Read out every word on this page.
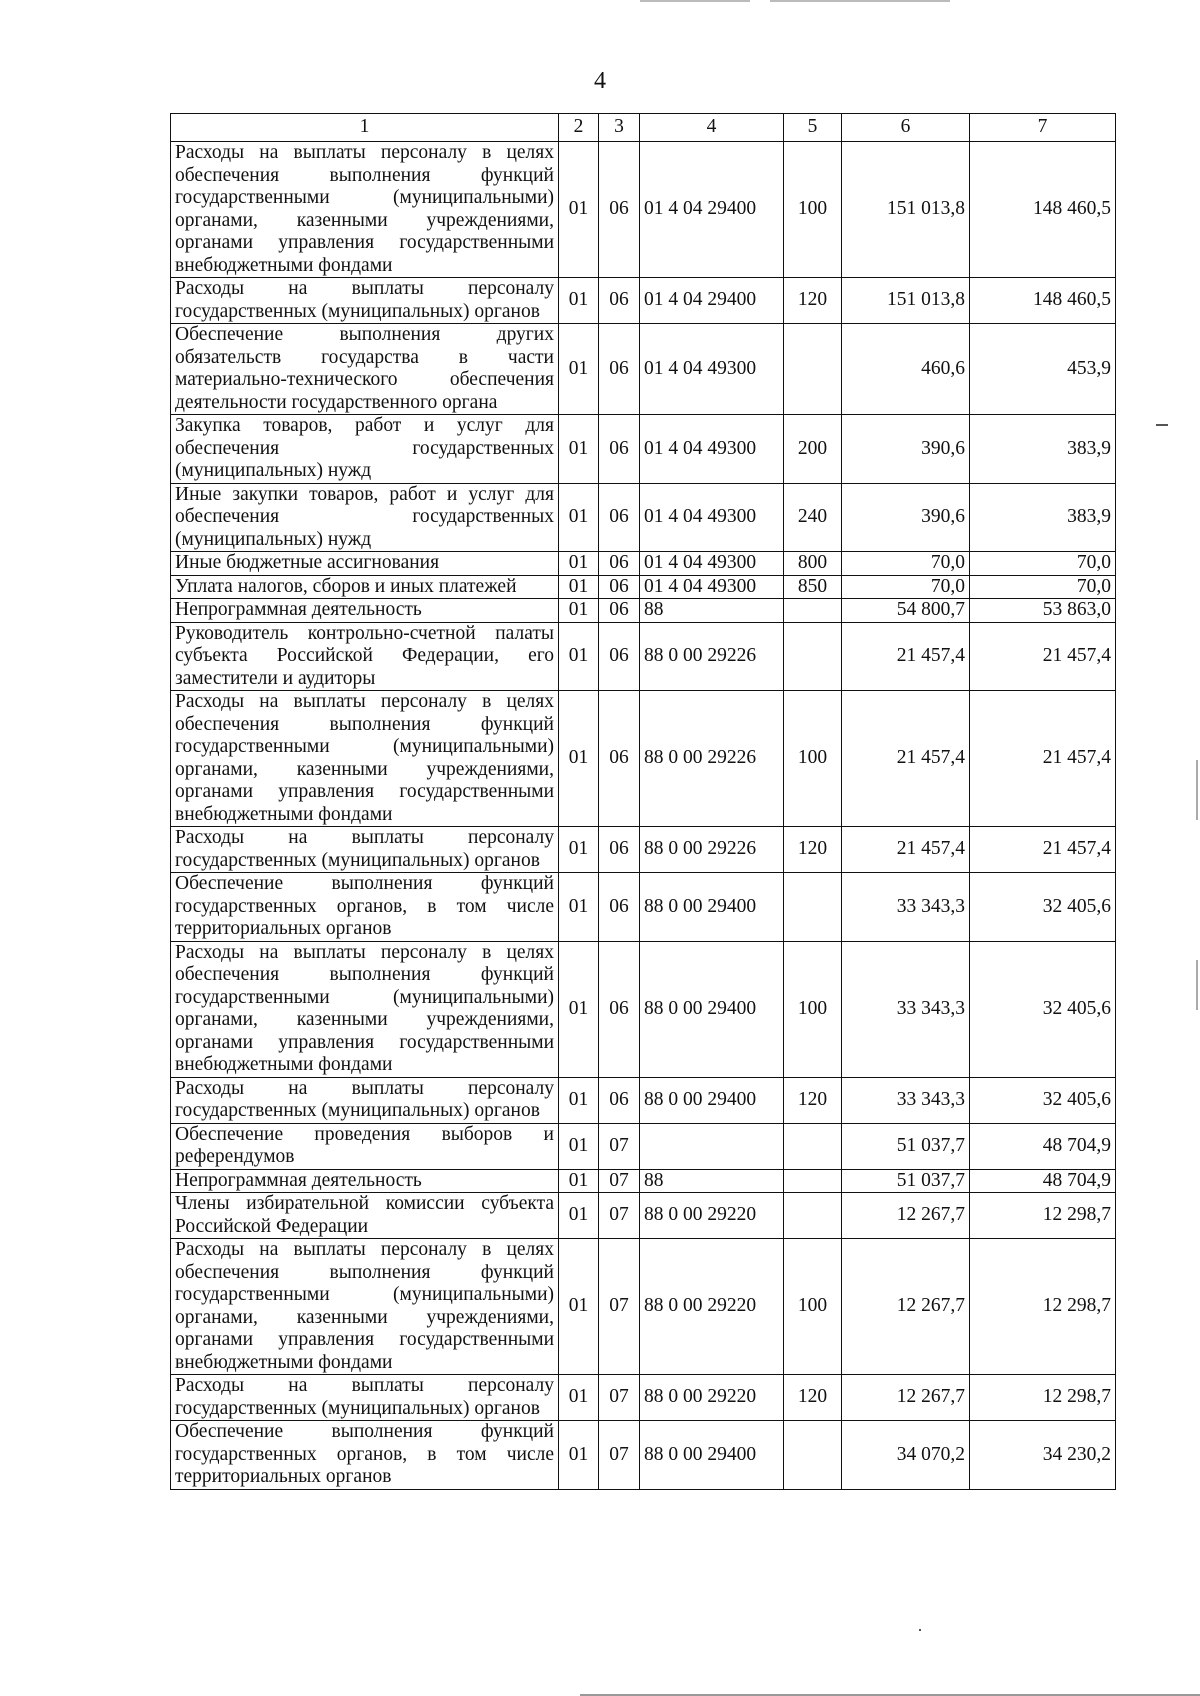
4
1	2	3	4	5	6	7
Расходы на выплаты персоналу в целях обеспечения выполнения функций государственными (муниципальными) органами, казенными учреждениями, органами управления государственными внебюджетными фондами	01	06	01 4 04 29400	100	151 013,8	148 460,5
Расходы на выплаты персоналу государственных (муниципальных) органов	01	06	01 4 04 29400	120	151 013,8	148 460,5
Обеспечение выполнения других обязательств государства в части материально-технического обеспечения деятельности государственного органа	01	06	01 4 04 49300		460,6	453,9
Закупка товаров, работ и услуг для обеспечения государственных (муниципальных) нужд	01	06	01 4 04 49300	200	390,6	383,9
Иные закупки товаров, работ и услуг для обеспечения государственных (муниципальных) нужд	01	06	01 4 04 49300	240	390,6	383,9
Иные бюджетные ассигнования	01	06	01 4 04 49300	800	70,0	70,0
Уплата налогов, сборов и иных платежей	01	06	01 4 04 49300	850	70,0	70,0
Непрограммная деятельность	01	06	88		54 800,7	53 863,0
Руководитель контрольно-счетной палаты субъекта Российской Федерации, его заместители и аудиторы	01	06	88 0 00 29226		21 457,4	21 457,4
Расходы на выплаты персоналу в целях обеспечения выполнения функций государственными (муниципальными) органами, казенными учреждениями, органами управления государственными внебюджетными фондами	01	06	88 0 00 29226	100	21 457,4	21 457,4
Расходы на выплаты персоналу государственных (муниципальных) органов	01	06	88 0 00 29226	120	21 457,4	21 457,4
Обеспечение выполнения функций государственных органов, в том числе территориальных органов	01	06	88 0 00 29400		33 343,3	32 405,6
Расходы на выплаты персоналу в целях обеспечения выполнения функций государственными (муниципальными) органами, казенными учреждениями, органами управления государственными внебюджетными фондами	01	06	88 0 00 29400	100	33 343,3	32 405,6
Расходы на выплаты персоналу государственных (муниципальных) органов	01	06	88 0 00 29400	120	33 343,3	32 405,6
Обеспечение проведения выборов и референдумов	01	07			51 037,7	48 704,9
Непрограммная деятельность	01	07	88		51 037,7	48 704,9
Члены избирательной комиссии субъекта Российской Федерации	01	07	88 0 00 29220		12 267,7	12 298,7
Расходы на выплаты персоналу в целях обеспечения выполнения функций государственными (муниципальными) органами, казенными учреждениями, органами управления государственными внебюджетными фондами	01	07	88 0 00 29220	100	12 267,7	12 298,7
Расходы на выплаты персоналу государственных (муниципальных) органов	01	07	88 0 00 29220	120	12 267,7	12 298,7
Обеспечение выполнения функций государственных органов, в том числе территориальных органов	01	07	88 0 00 29400		34 070,2	34 230,2
